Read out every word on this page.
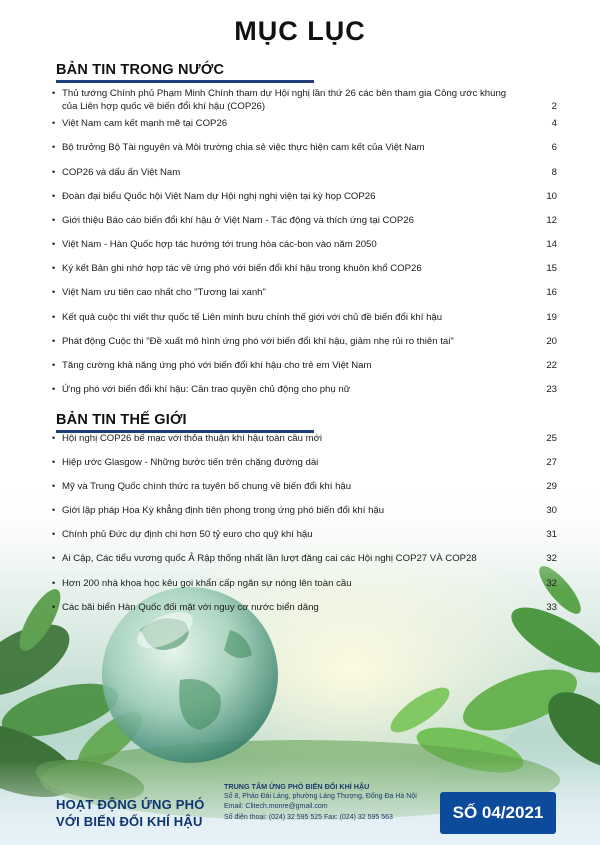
MỤC LỤC
BẢN TIN TRONG NƯỚC
• Thủ tướng Chính phủ Phạm Minh Chính tham dự Hội nghị lần thứ 26 các bên tham gia Công ước khung của Liên hợp quốc về biến đổi khí hậu (COP26)	2
• Việt Nam cam kết mạnh mẽ tại COP26	4
• Bộ trưởng Bộ Tài nguyên và Môi trường chia sẻ việc thực hiện cam kết của Việt Nam	6
• COP26 và dấu ấn Việt Nam	8
• Đoàn đại biểu Quốc hội Việt Nam dự Hội nghị nghị viện tại kỳ họp COP26	10
• Giới thiệu Báo cáo biến đổi khí hậu ở Việt Nam - Tác động và thích ứng tại COP26	12
• Việt Nam - Hàn Quốc hợp tác hướng tới trung hòa các-bon vào năm 2050	14
• Ký kết Bản ghi nhớ hợp tác về ứng phó với biến đổi khí hậu trong khuôn khổ COP26	15
• Việt Nam ưu tiên cao nhất cho "Tương lai xanh"	16
• Kết quả cuộc thi viết thư quốc tế Liên minh bưu chính thế giới với chủ đề biến đổi khí hậu	19
• Phát động Cuộc thi "Đề xuất mô hình ứng phó với biến đổi khí hậu, giảm nhẹ rủi ro thiên tai"	20
• Tăng cường khả năng ứng phó với biến đổi khí hậu cho trẻ em Việt Nam	22
• Ứng phó với biến đổi khí hậu: Cần trao quyền chủ động cho phụ nữ	23
BẢN TIN THẾ GIỚI
• Hội nghị COP26 bế mạc với thỏa thuận khí hậu toàn cầu mới	25
• Hiệp ước Glasgow - Những bước tiến trên chặng đường dài	27
• Mỹ và Trung Quốc chính thức ra tuyên bố chung về biến đổi khí hậu	29
• Giới lập pháp Hoa Kỳ khẳng định tiên phong trong ứng phó biến đổi khí hậu	30
• Chính phủ Đức dự định chi hơn 50 tỷ euro cho quỹ khí hậu	31
• Ai Cập, Các tiểu vương quốc Ả Rập thống nhất lần lượt đăng cai các Hội nghị COP27 VÀ COP28	32
• Hơn 200 nhà khoa học kêu gọi khẩn cấp ngăn sự nóng lên toàn cầu	32
• Các bãi biển Hàn Quốc đối mặt với nguy cơ nước biển dâng	33
HOẠT ĐỘNG ỨNG PHÓ
VỚI BIẾN ĐỔI KHÍ HẬU
TRUNG TÂM ỨNG PHÓ BIẾN ĐỔI KHÍ HẬU
Số 8, Pháo Đài Láng, phường Láng Thượng, Đống Đa Hà Nội
Email: Clitech.monre@gmail.com
Số điện thoại: (024) 32 595 525 Fax: (024) 32 595 563	SỐ 04/2021
